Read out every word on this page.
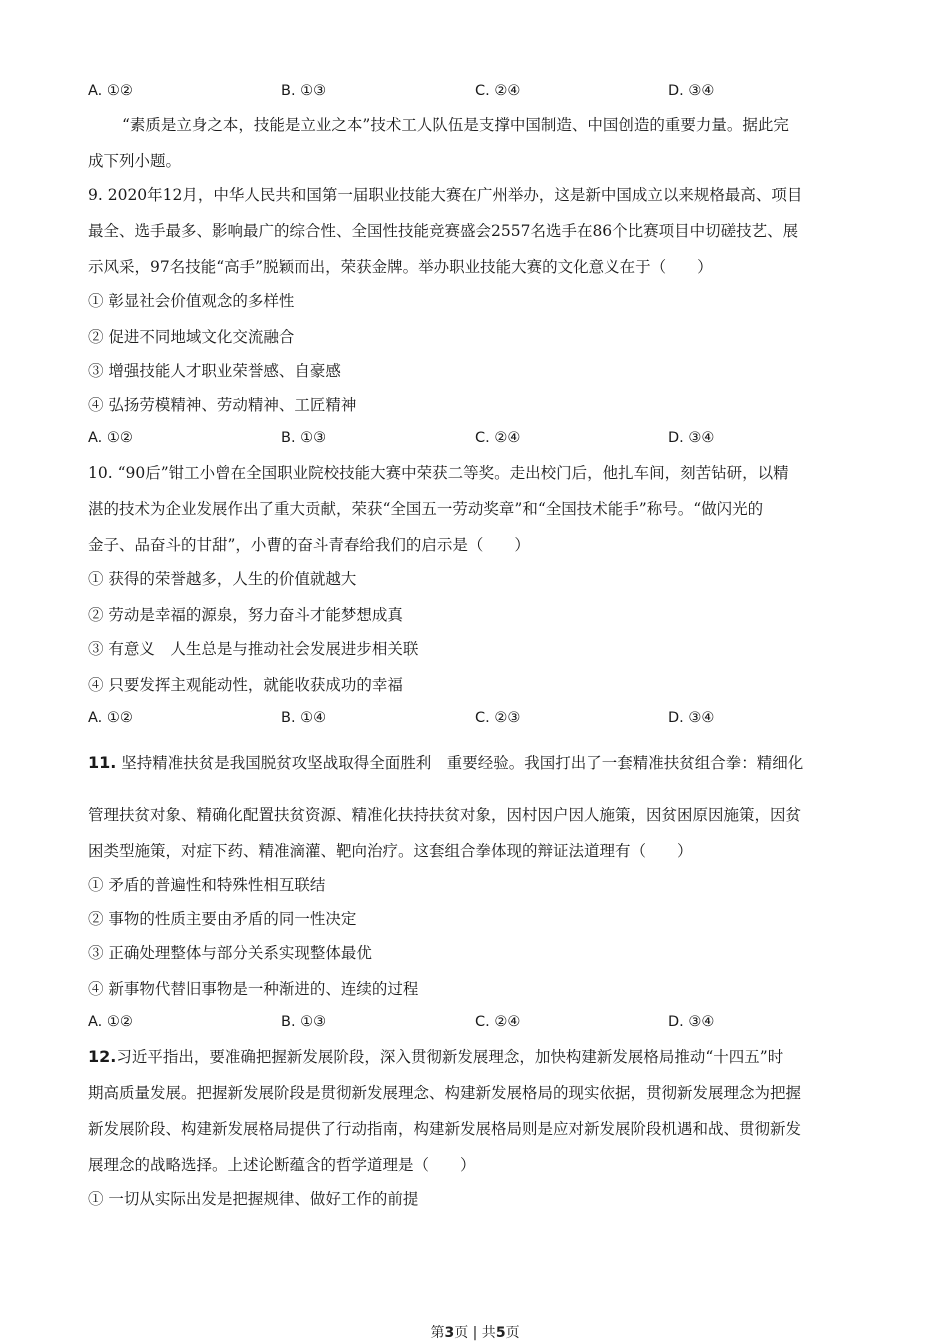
A. ①②	B. ①③	C. ②④	D. ③④
“素质是立身之本，技能是立业之本”技术工人队伍是支撑中国制造、中国创造的重要力量。据此完
成下列小题。
9. 2020年12月，中华人民共和国第一届职业技能大赛在广州举办，这是新中国成立以来规格最高、项目
最全、选手最多、影响最广的综合性、全国性技能竞赛盛会2557名选手在86个比赛项目中切磋技艺、展
示风采，97名技能“高手”脱颖而出，荣获金牌。举办职业技能大赛的文化意义在于（　　）
① 彰显社会价值观念的多样性
② 促进不同地域文化交流融合
③ 增强技能人才职业荣誉感、自豪感
④ 弘扬劳模精神、劳动精神、工匠精神
A. ①②	B. ①③	C. ②④	D. ③④
10. “90后”钳工小曾在全国职业院校技能大赛中荣获二等奖。走出校门后，他扎车间，刻苦钻研，以精
湛的技术为企业发展作出了重大贡献，荣获“全国五一劳动奖章”和“全国技术能手”称号。“做闪光的
金子、品奋斗的甘甜”，小曹的奋斗青春给我们的启示是（　　）
① 获得的荣誉越多，人生的价值就越大
② 劳动是幸福的源泉，努力奋斗才能梦想成真
③ 有意义　人生总是与推动社会发展进步相关联
④ 只要发挥主观能动性，就能收获成功的幸福
A. ①②	B. ①④	C. ②③	D. ③④
11. 坚持精准扶贫是我国脱贫攻坚战取得全面胜利　重要经验。我国打出了一套精准扶贫组合拳：精细化
管理扶贫对象、精确化配置扶贫资源、精准化扶持扶贫对象，因村因户因人施策，因贫困原因施策，因贫
困类型施策，对症下药、精准滴灌、靶向治疗。这套组合拳体现的辩证法道理有（　　）
① 矛盾的普遍性和特殊性相互联结
② 事物的性质主要由矛盾的同一性决定
③ 正确处理整体与部分关系实现整体最优
④ 新事物代替旧事物是一种渐进的、连续的过程
A. ①②	B. ①③	C. ②④	D. ③④
12.习近平指出，要准确把握新发展阶段，深入贯彻新发展理念，加快构建新发展格局推动“十四五”时
期高质量发展。把握新发展阶段是贯彻新发展理念、构建新发展格局的现实依据，贯彻新发展理念为把握
新发展阶段、构建新发展格局提供了行动指南，构建新发展格局则是应对新发展阶段机遇和战、贯彻新发
展理念的战略选择。上述论断蕴含的哲学道理是（　　）
① 一切从实际出发是把握规律、做好工作的前提
第3页 | 共5页
